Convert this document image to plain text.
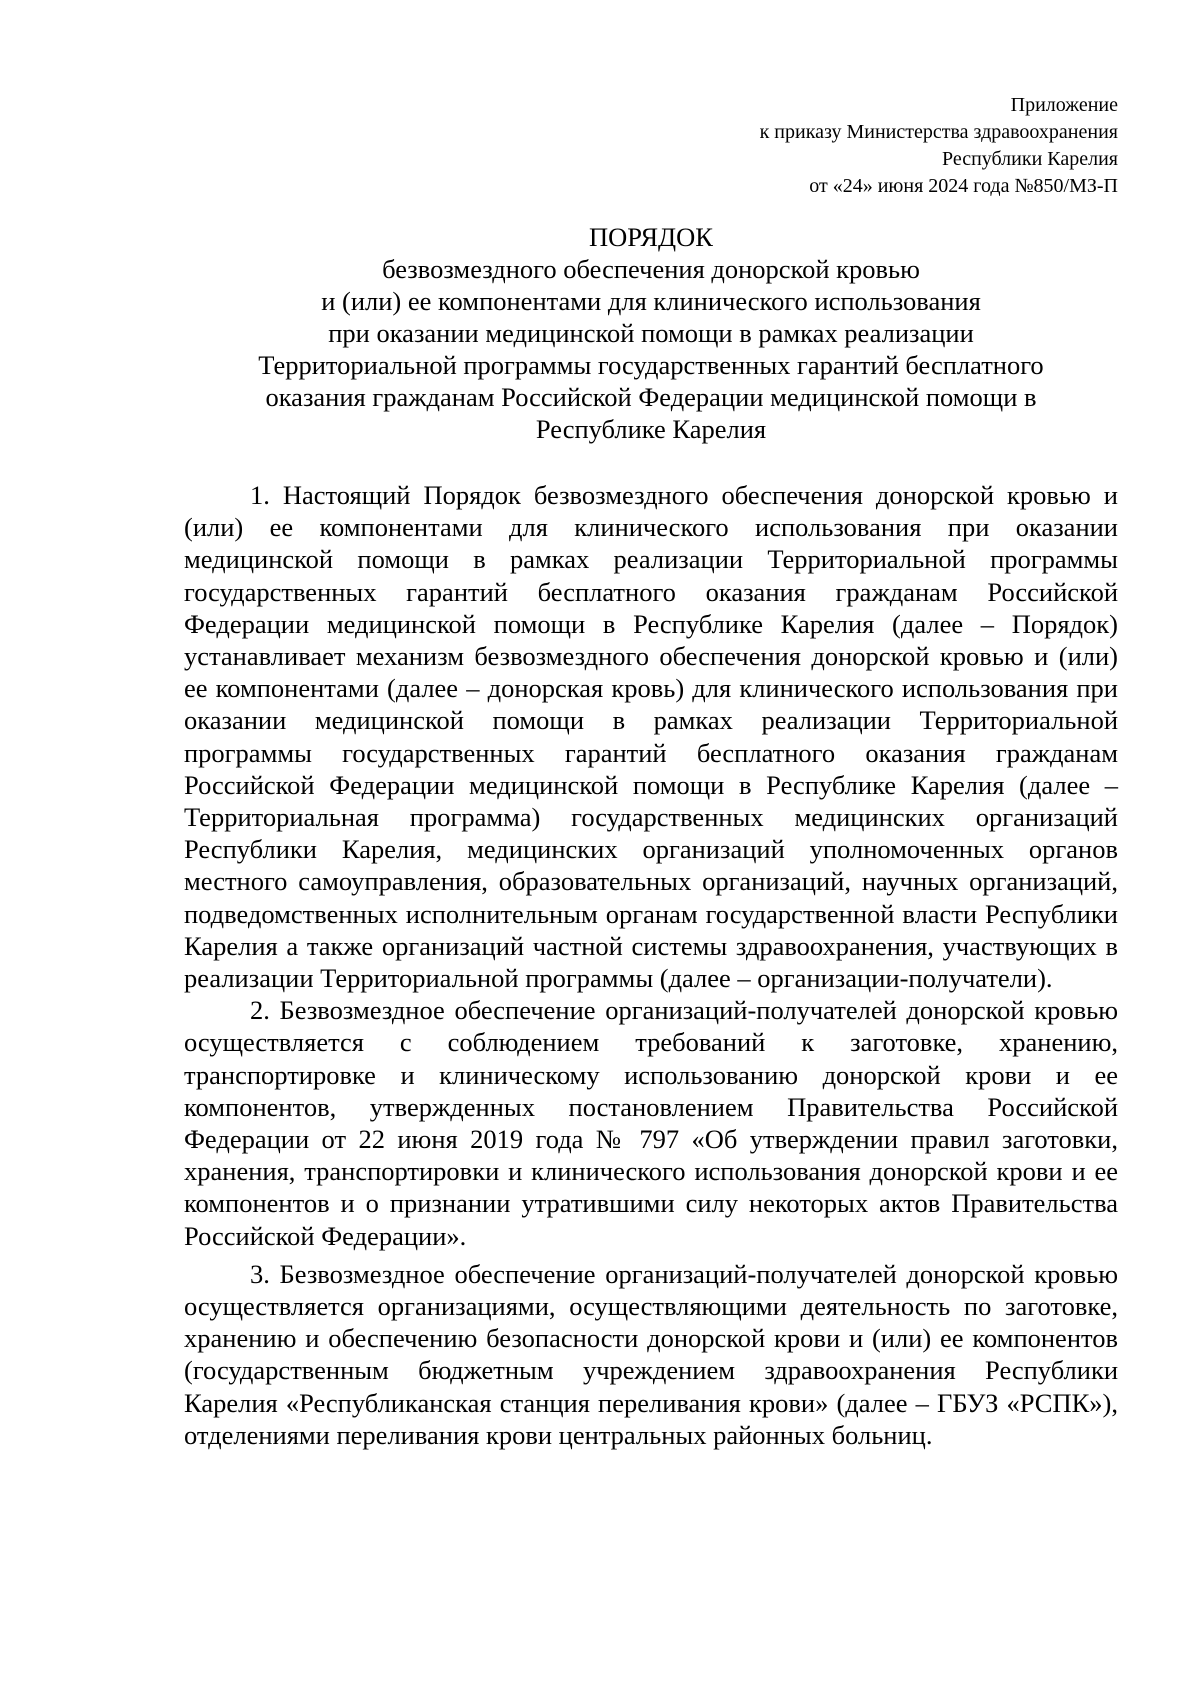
Приложение
к приказу Министерства здравоохранения
Республики Карелия
от «24» июня 2024 года №850/МЗ-П
ПОРЯДОК
безвозмездного обеспечения донорской кровью
и (или) ее компонентами для клинического использования
при оказании медицинской помощи в рамках реализации
Территориальной программы государственных гарантий бесплатного
оказания гражданам Российской Федерации медицинской помощи в
Республике Карелия

1. Настоящий Порядок безвозмездного обеспечения донорской кровью и (или) ее компонентами для клинического использования при оказании медицинской помощи в рамках реализации Территориальной программы государственных гарантий бесплатного оказания гражданам Российской Федерации медицинской помощи в Республике Карелия (далее – Порядок) устанавливает механизм безвозмездного обеспечения донорской кровью и (или) ее компонентами (далее – донорская кровь) для клинического использования при оказании медицинской помощи в рамках реализации Территориальной программы государственных гарантий бесплатного оказания гражданам Российской Федерации медицинской помощи в Республике Карелия (далее – Территориальная программа) государственных медицинских организаций Республики Карелия, медицинских организаций уполномоченных органов местного самоуправления, образовательных организаций, научных организаций, подведомственных исполнительным органам государственной власти Республики Карелия а также организаций частной системы здравоохранения, участвующих в реализации Территориальной программы (далее – организации-получатели).

2. Безвозмездное обеспечение организаций-получателей донорской кровью осуществляется с соблюдением требований к заготовке, хранению, транспортировке и клиническому использованию донорской крови и ее компонентов, утвержденных постановлением Правительства Российской Федерации от 22 июня 2019 года № 797 «Об утверждении правил заготовки, хранения, транспортировки и клинического использования донорской крови и ее компонентов и о признании утратившими силу некоторых актов Правительства Российской Федерации».

3. Безвозмездное обеспечение организаций-получателей донорской кровью осуществляется организациями, осуществляющими деятельность по заготовке, хранению и обеспечению безопасности донорской крови и (или) ее компонентов (государственным бюджетным учреждением здравоохранения Республики Карелия «Республиканская станция переливания крови» (далее – ГБУЗ «РСПК»), отделениями переливания крови центральных районных больниц.
